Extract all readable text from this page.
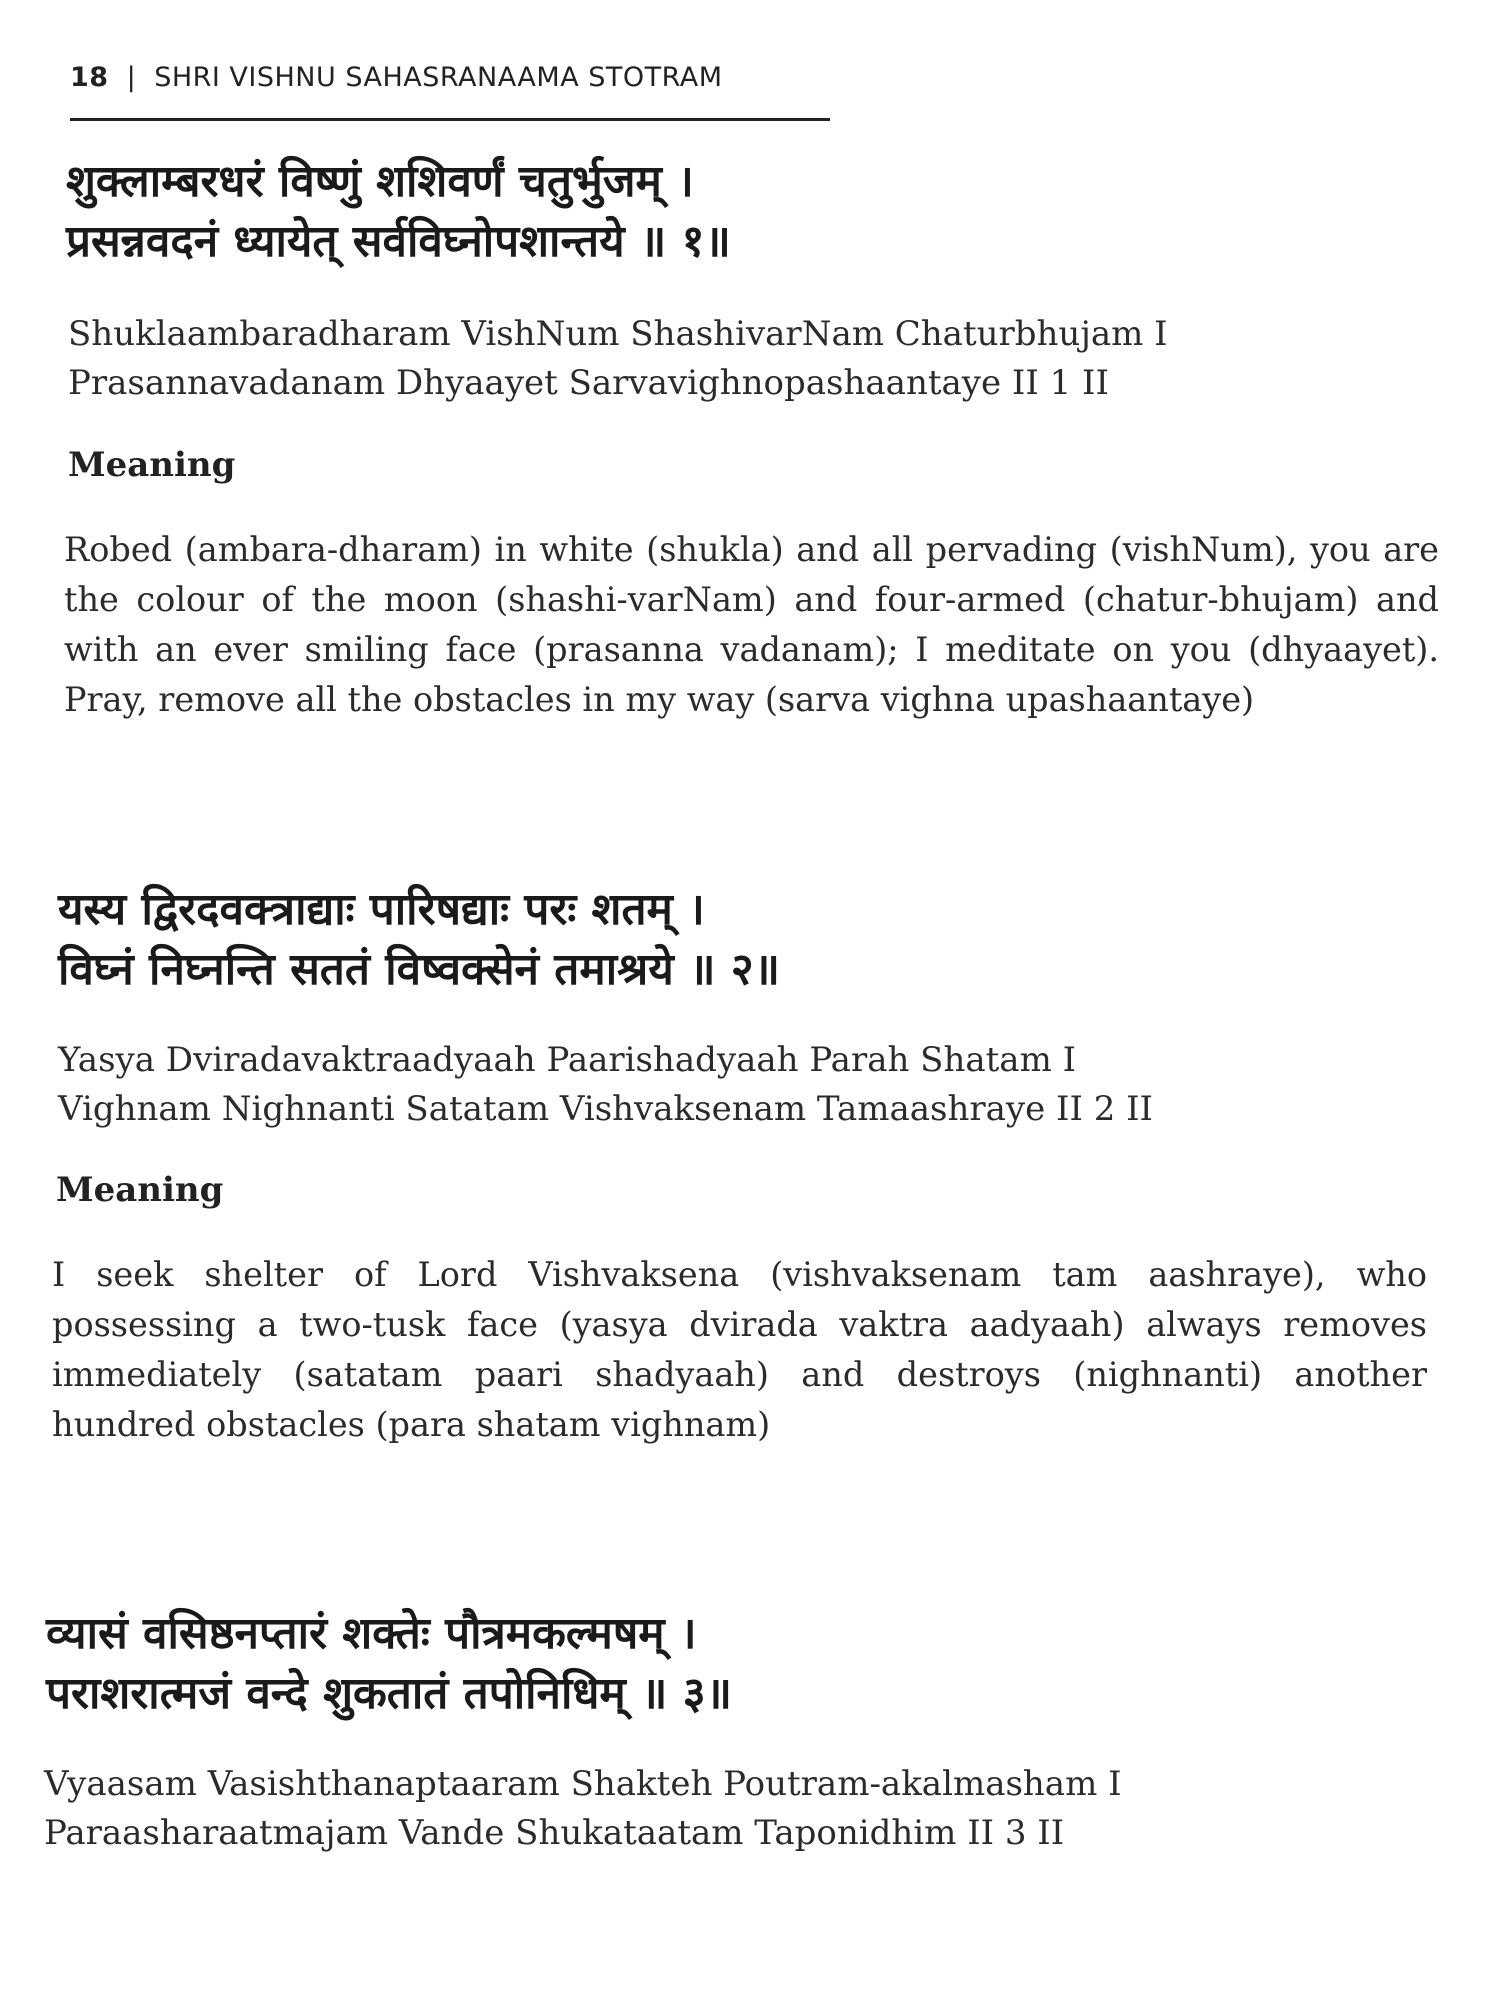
18 | SHRI VISHNU SAHASRANAAMA STOTRAM
शुक्लाम्बरधरं विष्णुं शशिवर्णं चतुर्भुजम् ।
प्रसन्नवदनं ध्यायेत् सर्वविघ्नोपशान्तये ॥ १॥
Shuklaambaradharam VishNum ShashivarNam Chaturbhujam I
Prasannavadanam Dhyaayet Sarvavighnopashaantaye II 1 II
Meaning
Robed (ambara-dharam) in white (shukla) and all pervading (vishNum), you are the colour of the moon (shashi-varNam) and four-armed (chatur-bhujam) and with an ever smiling face (prasanna vadanam); I meditate on you (dhyaayet). Pray, remove all the obstacles in my way (sarva vighna upashaantaye)
यस्य द्विरदवक्त्राद्याः पारिषद्याः परः शतम् ।
विघ्नं निघ्नन्ति सततं विष्वक्सेनं तमाश्रये ॥ २॥
Yasya Dviradavaktraadyaah Paarishadyaah Parah Shatam I
Vighnam Nighnanti Satatam Vishvaksenam Tamaashraye II 2 II
Meaning
I seek shelter of Lord Vishvaksena (vishvaksenam tam aashraye), who possessing a two-tusk face (yasya dvirada vaktra aadyaah) always removes immediately (satatam paari shadyaah) and destroys (nighnanti) another hundred obstacles (para shatam vighnam)
व्यासं वसिष्ठनप्तारं शक्तेः पौत्रमकल्मषम् ।
पराशरात्मजं वन्दे शुकतातं तपोनिधिम् ॥ ३॥
Vyaasam Vasishthanaptaaram Shakteh Poutram-akalmasham I
Paraasharaatmajam Vande Shukataatam Taponidhim II 3 II
